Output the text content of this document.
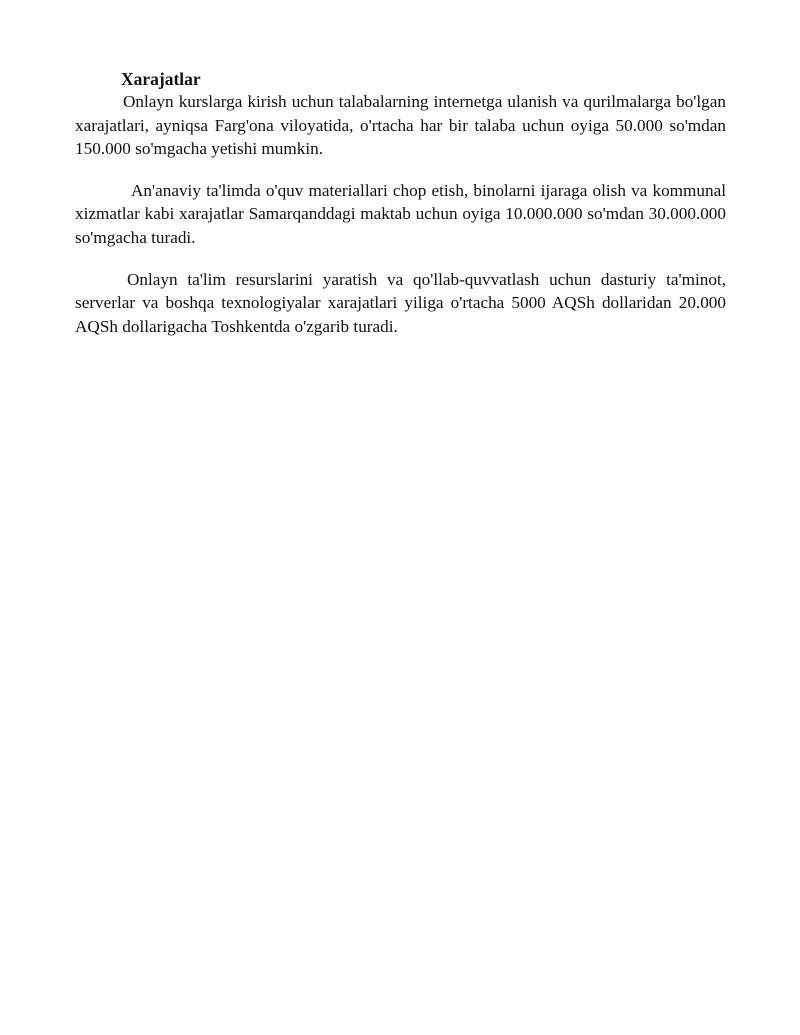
Xarajatlar

Onlayn kurslarga kirish uchun talabalarning internetga ulanish va qurilmalarga bo'lgan xarajatlari, ayniqsa Farg'ona viloyatida, o'rtacha har bir talaba uchun oyiga 50.000 so'mdan 150.000 so'mgacha yetishi mumkin.

An'anaviy ta'limda o'quv materiallari chop etish, binolarni ijaraga olish va kommunal xizmatlar kabi xarajatlar Samarqanddagi maktab uchun oyiga 10.000.000 so'mdan 30.000.000 so'mgacha turadi.

Onlayn ta'lim resurslarini yaratish va qo'llab-quvvatlash uchun dasturiy ta'minot, serverlar va boshqa texnologiyalar xarajatlari yiliga o'rtacha 5000 AQSh dollaridan 20.000 AQSh dollarigacha Toshkentda o'zgarib turadi.
